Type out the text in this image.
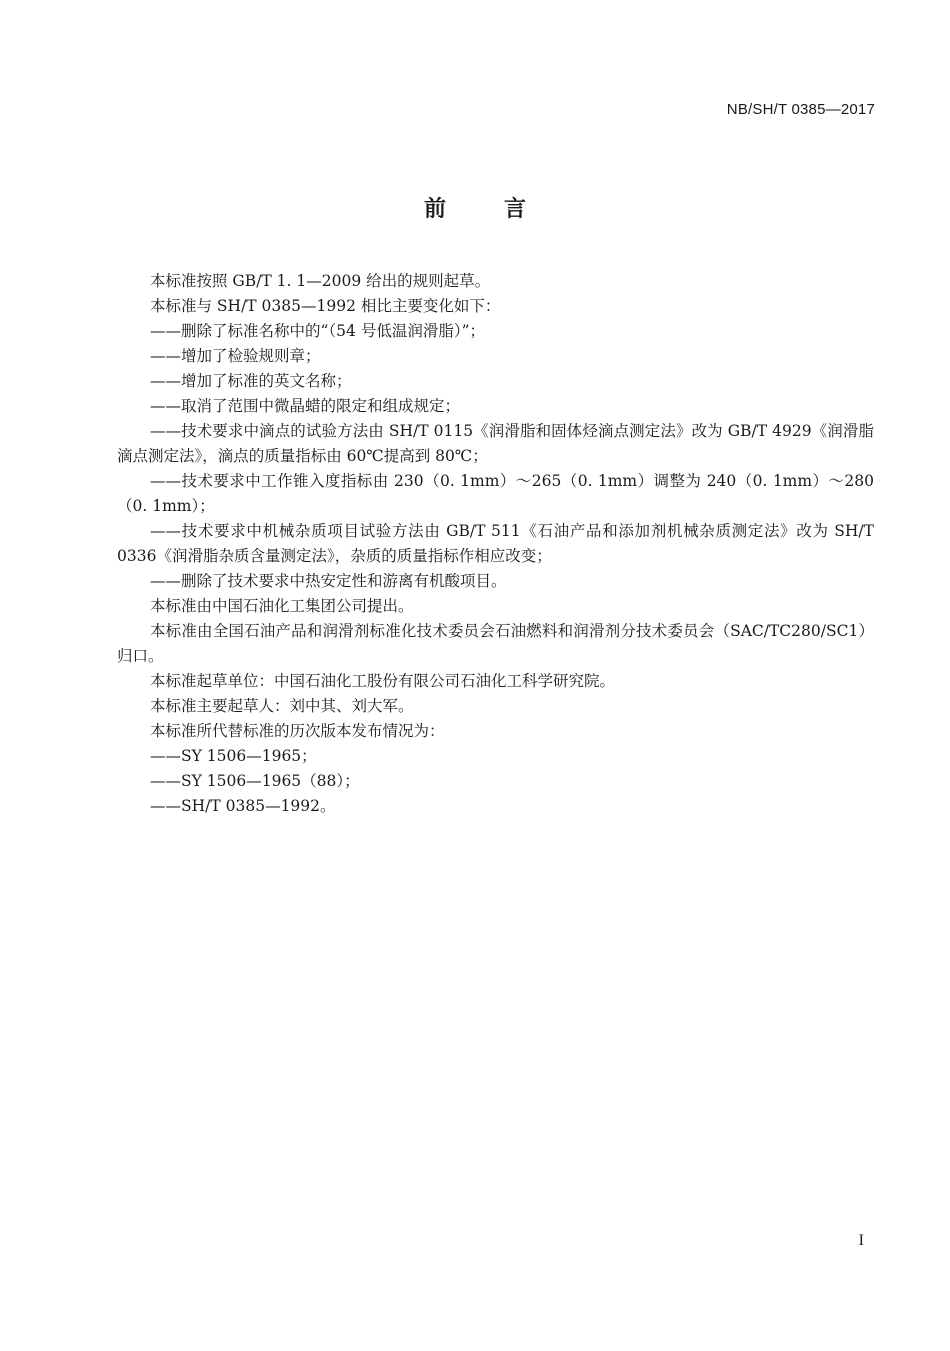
NB/SH/T 0385—2017
前言

本标准按照 GB/T 1. 1—2009 给出的规则起草。

本标准与 SH/T 0385—1992 相比主要变化如下：

——删除了标准名称中的“（54 号低温润滑脂）”；

——增加了检验规则章；

——增加了标准的英文名称；

——取消了范围中微晶蜡的限定和组成规定；

——技术要求中滴点的试验方法由 SH/T 0115《润滑脂和固体烃滴点测定法》改为 GB/T 4929《润滑脂滴点测定法》，滴点的质量指标由 60℃提高到 80℃；

——技术要求中工作锥入度指标由 230（0. 1mm）～265（0. 1mm）调整为 240（0. 1mm）～280（0. 1mm）；

——技术要求中机械杂质项目试验方法由 GB/T 511《石油产品和添加剂机械杂质测定法》改为 SH/T 0336《润滑脂杂质含量测定法》，杂质的质量指标作相应改变；

——删除了技术要求中热安定性和游离有机酸项目。

本标准由中国石油化工集团公司提出。

本标准由全国石油产品和润滑剂标准化技术委员会石油燃料和润滑剂分技术委员会（SAC/TC280/SC1）归口。

本标准起草单位：中国石油化工股份有限公司石油化工科学研究院。

本标准主要起草人：刘中其、刘大军。

本标准所代替标准的历次版本发布情况为：

——SY 1506—1965；

——SY 1506—1965（88）；

——SH/T 0385—1992。

I
